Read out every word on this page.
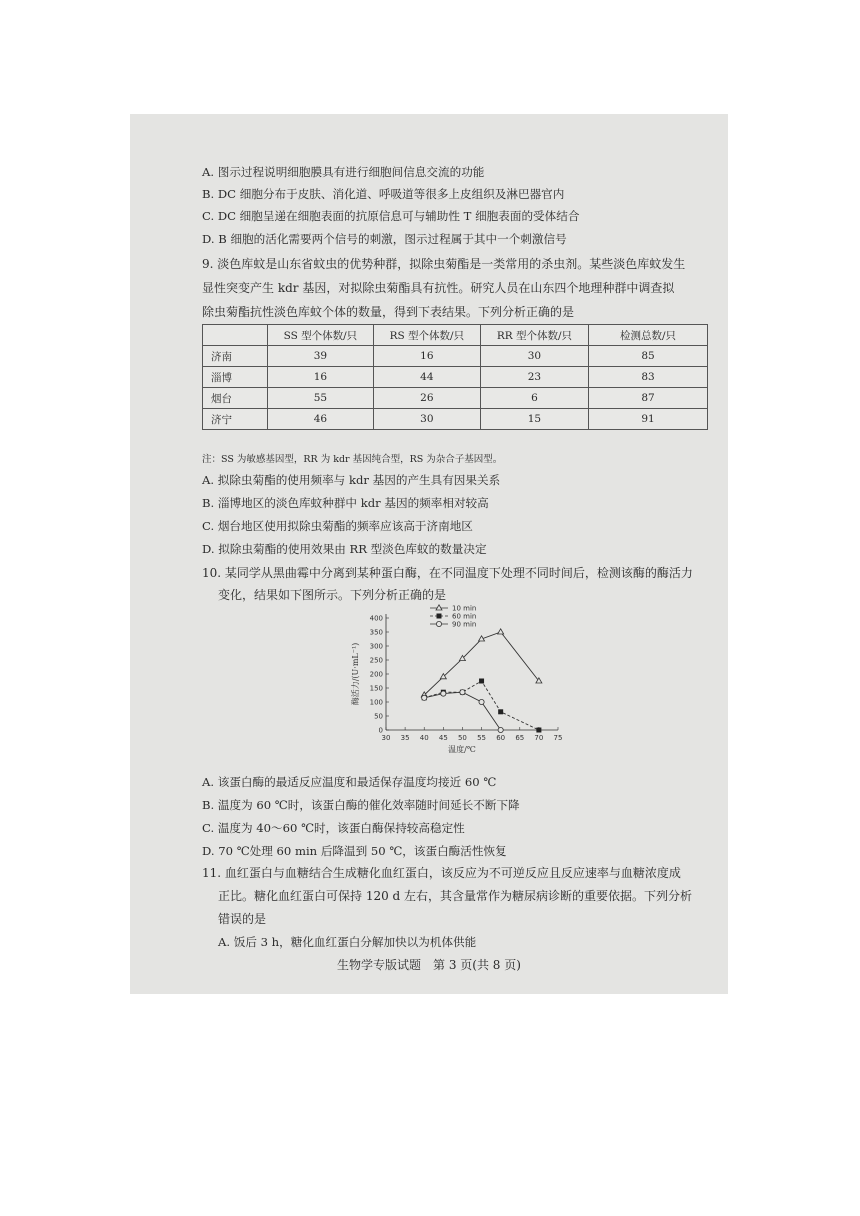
A. 图示过程说明细胞膜具有进行细胞间信息交流的功能
B. DC 细胞分布于皮肤、消化道、呼吸道等很多上皮组织及淋巴器官内
C. DC 细胞呈递在细胞表面的抗原信息可与辅助性 T 细胞表面的受体结合
D. B 细胞的活化需要两个信号的刺激，图示过程属于其中一个刺激信号
9. 淡色库蚊是山东省蚊虫的优势种群，拟除虫菊酯是一类常用的杀虫剂。某些淡色库蚊发生
显性突变产生 kdr 基因，对拟除虫菊酯具有抗性。研究人员在山东四个地理种群中调查拟
除虫菊酯抗性淡色库蚊个体的数量，得到下表结果。下列分析正确的是
	SS 型个体数/只	RS 型个体数/只	RR 型个体数/只	检测总数/只
济南	39	16	30	85
淄博	16	44	23	83
烟台	55	26	6	87
济宁	46	30	15	91
注：SS 为敏感基因型，RR 为 kdr 基因纯合型，RS 为杂合子基因型。
A. 拟除虫菊酯的使用频率与 kdr 基因的产生具有因果关系
B. 淄博地区的淡色库蚊种群中 kdr 基因的频率相对较高
C. 烟台地区使用拟除虫菊酯的频率应该高于济南地区
D. 拟除虫菊酯的使用效果由 RR 型淡色库蚊的数量决定
10. 某同学从黑曲霉中分离到某种蛋白酶，在不同温度下处理不同时间后，检测该酶的酶活力
变化，结果如下图所示。下列分析正确的是
30 35 40 45 50 55 60 65 70 75
0
50
100
150
200
250
300
350
400
温度/℃
酶活力/(U·mL⁻¹)
10 min
60 min
90 min
A. 该蛋白酶的最适反应温度和最适保存温度均接近 60 ℃
B. 温度为 60 ℃时，该蛋白酶的催化效率随时间延长不断下降
C. 温度为 40～60 ℃时，该蛋白酶保持较高稳定性
D. 70 ℃处理 60 min 后降温到 50 ℃，该蛋白酶活性恢复
11. 血红蛋白与血糖结合生成糖化血红蛋白，该反应为不可逆反应且反应速率与血糖浓度成
正比。糖化血红蛋白可保持 120 d 左右，其含量常作为糖尿病诊断的重要依据。下列分析
错误的是
A. 饭后 3 h，糖化血红蛋白分解加快以为机体供能
生物学专版试题　第 3 页(共 8 页)
